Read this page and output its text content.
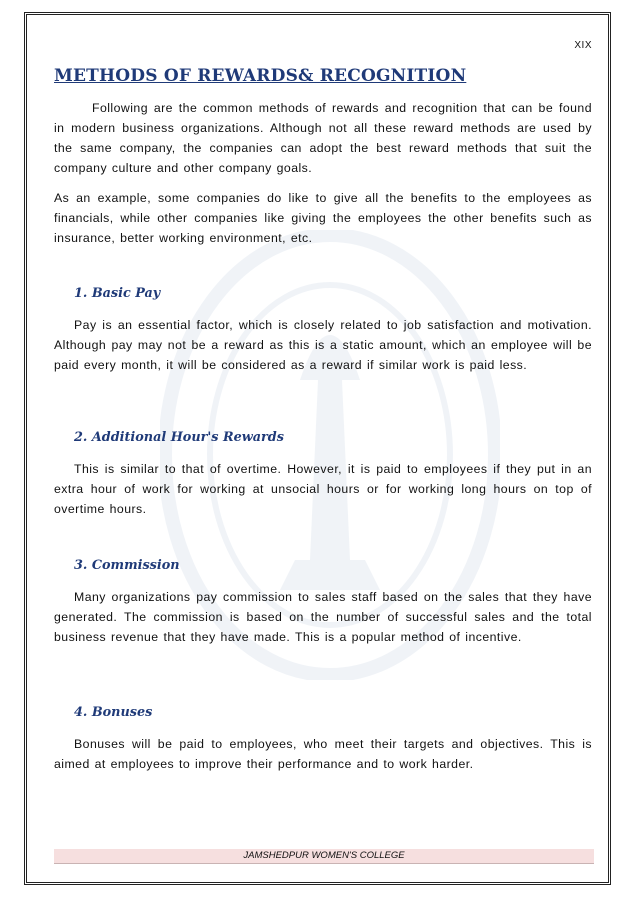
XIX
METHODS OF REWARDS& RECOGNITION

Following are the common methods of rewards and recognition that can be found in modern business organizations. Although not all these reward methods are used by the same company, the companies can adopt the best reward methods that suit the company culture and other company goals.

As an example, some companies do like to give all the benefits to the employees as financials, while other companies like giving the employees the other benefits such as insurance, better working environment, etc.

1. Basic Pay

Pay is an essential factor, which is closely related to job satisfaction and motivation. Although pay may not be a reward as this is a static amount, which an employee will be paid every month, it will be considered as a reward if similar work is paid less.

2. Additional Hour's Rewards

This is similar to that of overtime. However, it is paid to employees if they put in an extra hour of work for working at unsocial hours or for working long hours on top of overtime hours.

3. Commission

Many organizations pay commission to sales staff based on the sales that they have generated. The commission is based on the number of successful sales and the total business revenue that they have made. This is a popular method of incentive.

4. Bonuses

Bonuses will be paid to employees, who meet their targets and objectives. This is aimed at employees to improve their performance and to work harder.

JAMSHEDPUR WOMEN'S COLLEGE
